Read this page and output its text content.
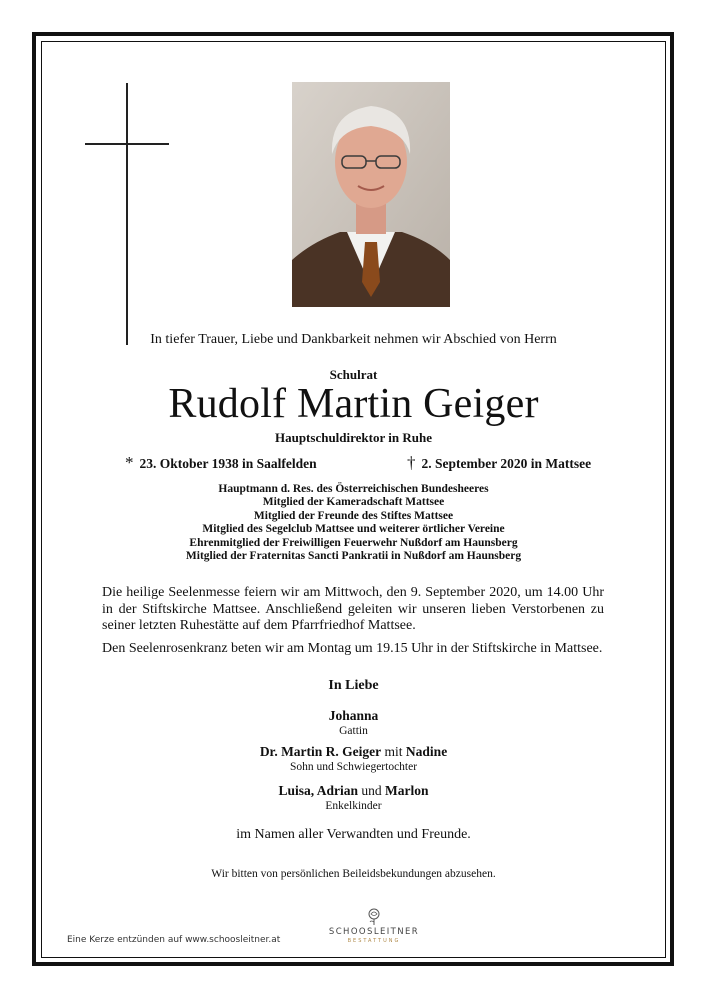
In tiefer Trauer, Liebe und Dankbarkeit nehmen wir Abschied von Herrn
Schulrat
Rudolf Martin Geiger
Hauptschuldirektor in Ruhe
* 23. Oktober 1938 in Saalfelden	† 2. September 2020 in Mattsee
Hauptmann d. Res. des Österreichischen Bundesheeres
Mitglied der Kameradschaft Mattsee
Mitglied der Freunde des Stiftes Mattsee
Mitglied des Segelclub Mattsee und weiterer örtlicher Vereine
Ehrenmitglied der Freiwilligen Feuerwehr Nußdorf am Haunsberg
Mitglied der Fraternitas Sancti Pankratii in Nußdorf am Haunsberg
Die heilige Seelenmesse feiern wir am Mittwoch, den 9. September 2020, um 14.00 Uhr in der Stiftskirche Mattsee. Anschließend geleiten wir unseren lieben Verstorbenen zu seiner letzten Ruhestätte auf dem Pfarrfriedhof Mattsee.
Den Seelenrosenkranz beten wir am Montag um 19.15 Uhr in der Stiftskirche in Mattsee.
In Liebe
Johanna
Gattin
Dr. Martin R. Geiger mit Nadine
Sohn und Schwiegertochter
Luisa, Adrian und Marlon
Enkelkinder
im Namen aller Verwandten und Freunde.
Wir bitten von persönlichen Beileidsbekundungen abzusehen.
Eine Kerze entzünden auf www.schoosleitner.at
SCHOOSLEITNER
BESTATTUNG
